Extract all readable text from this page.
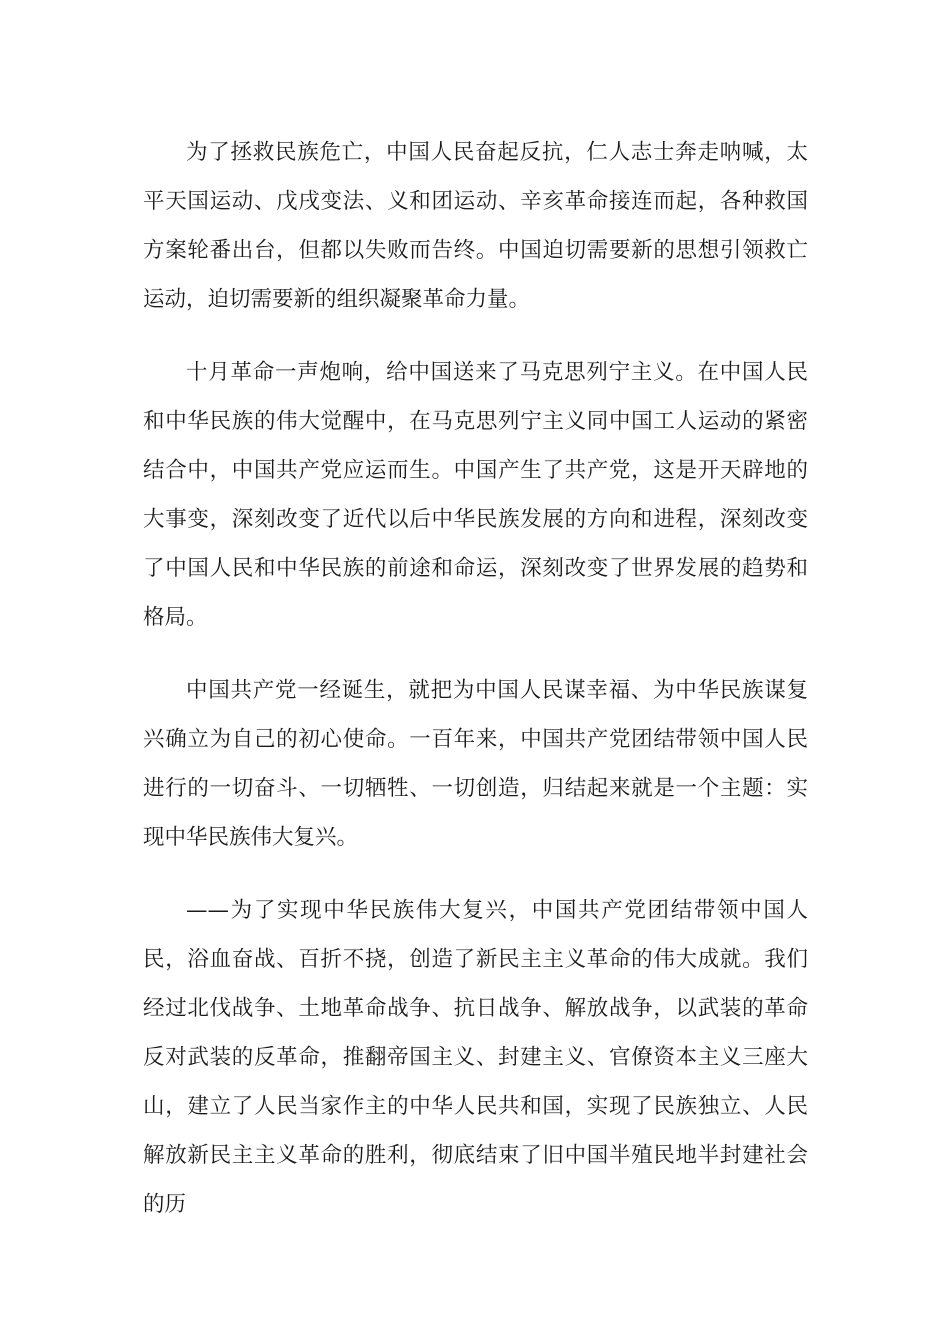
为了拯救民族危亡，中国人民奋起反抗，仁人志士奔走呐喊，太平天国运动、戊戌变法、义和团运动、辛亥革命接连而起，各种救国方案轮番出台，但都以失败而告终。中国迫切需要新的思想引领救亡运动，迫切需要新的组织凝聚革命力量。

十月革命一声炮响，给中国送来了马克思列宁主义。在中国人民和中华民族的伟大觉醒中，在马克思列宁主义同中国工人运动的紧密结合中，中国共产党应运而生。中国产生了共产党，这是开天辟地的大事变，深刻改变了近代以后中华民族发展的方向和进程，深刻改变了中国人民和中华民族的前途和命运，深刻改变了世界发展的趋势和格局。

中国共产党一经诞生，就把为中国人民谋幸福、为中华民族谋复兴确立为自己的初心使命。一百年来，中国共产党团结带领中国人民进行的一切奋斗、一切牺牲、一切创造，归结起来就是一个主题：实现中华民族伟大复兴。

——为了实现中华民族伟大复兴，中国共产党团结带领中国人民，浴血奋战、百折不挠，创造了新民主主义革命的伟大成就。我们经过北伐战争、土地革命战争、抗日战争、解放战争，以武装的革命反对武装的反革命，推翻帝国主义、封建主义、官僚资本主义三座大山，建立了人民当家作主的中华人民共和国，实现了民族独立、人民解放新民主主义革命的胜利，彻底结束了旧中国半殖民地半封建社会的历
